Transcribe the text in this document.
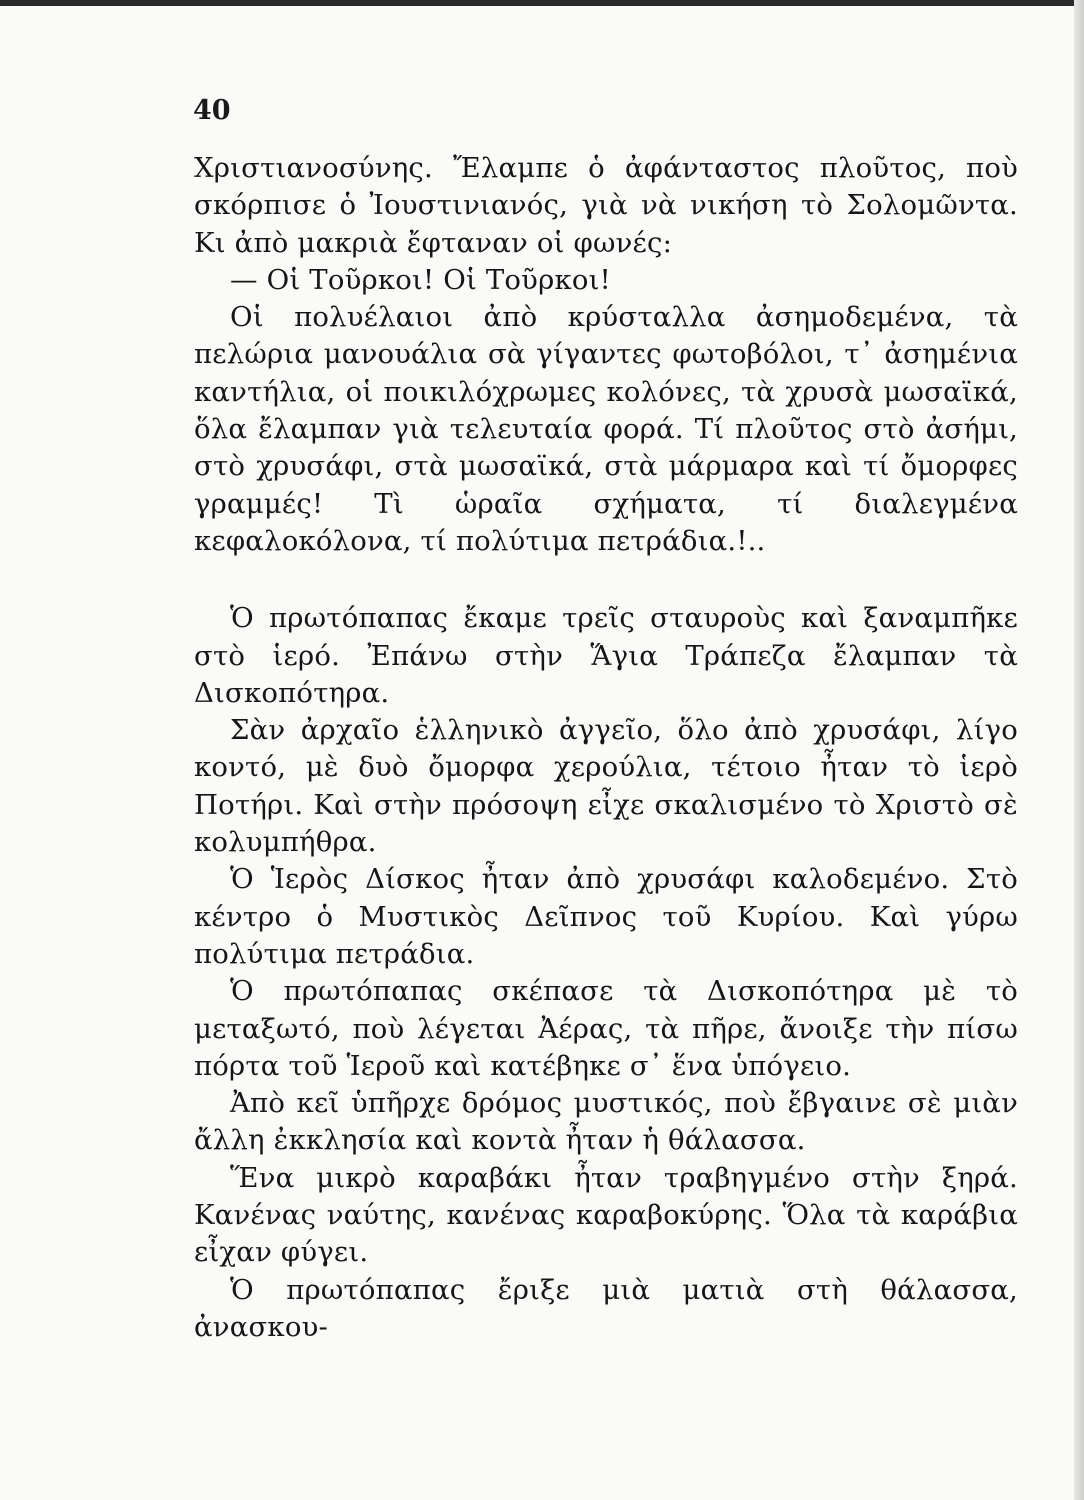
40

Χριστιανοσύνης. Ἔλαμπε ὁ ἀφάνταστος πλοῦτος, ποὺ σκόρπισε ὁ Ἰουστινιανός, γιὰ νὰ νικήση τὸ Σολομῶντα. Κι ἀπὸ μακριὰ ἔφταναν οἱ φωνές:

— Οἱ Τοῦρκοι! Οἱ Τοῦρκοι!

Οἱ πολυέλαιοι ἀπὸ κρύσταλλα ἀσημοδεμένα, τὰ πελώρια μανουάλια σὰ γίγαντες φωτοβόλοι, τ᾿ ἀσημένια καντήλια, οἱ ποικιλόχρωμες κολόνες, τὰ χρυσὰ μωσαϊκά, ὅλα ἔλαμπαν γιὰ τελευταία φορά. Τί πλοῦτος στὸ ἀσήμι, στὸ χρυσάφι, στὰ μωσαϊκά, στὰ μάρμαρα καὶ τί ὄμορφες γραμμές! Τὶ ὡραῖα σχήματα, τί διαλεγμένα κεφαλοκόλονα, τί πολύτιμα πετράδια.!..

Ὁ πρωτόπαπας ἔκαμε τρεῖς σταυροὺς καὶ ξαναμπῆκε στὸ ἱερό. Ἐπάνω στὴν Ἅγια Τράπεζα ἔλαμπαν τὰ Δισκοπότηρα.

Σὰν ἀρχαῖο ἑλληνικὸ ἀγγεῖο, ὅλο ἀπὸ χρυσάφι, λίγο κοντό, μὲ δυὸ ὄμορφα χερούλια, τέτοιο ἦταν τὸ ἱερὸ Ποτήρι. Καὶ στὴν πρόσοψη εἶχε σκαλισμένο τὸ Χριστὸ σὲ κολυμπήθρα.

Ὁ Ἱερὸς Δίσκος ἦταν ἀπὸ χρυσάφι καλοδεμένο. Στὸ κέντρο ὁ Μυστικὸς Δεῖπνος τοῦ Κυρίου. Καὶ γύρω πολύτιμα πετράδια.

Ὁ πρωτόπαπας σκέπασε τὰ Δισκοπότηρα μὲ τὸ μεταξωτό, ποὺ λέγεται Ἀέρας, τὰ πῆρε, ἄνοιξε τὴν πίσω πόρτα τοῦ Ἱεροῦ καὶ κατέβηκε σ᾿ ἕνα ὑπόγειο.

Ἀπὸ κεῖ ὑπῆρχε δρόμος μυστικός, ποὺ ἔβγαινε σὲ μιὰν ἄλλη ἐκκλησία καὶ κοντὰ ἦταν ἡ θάλασσα.

Ἕνα μικρὸ καραβάκι ἦταν τραβηγμένο στὴν ξηρά. Κανένας ναύτης, κανένας καραβοκύρης. Ὅλα τὰ καράβια εἶχαν φύγει.

Ὁ πρωτόπαπας ἔριξε μιὰ ματιὰ στὴ θάλασσα, ἀνασκου-
